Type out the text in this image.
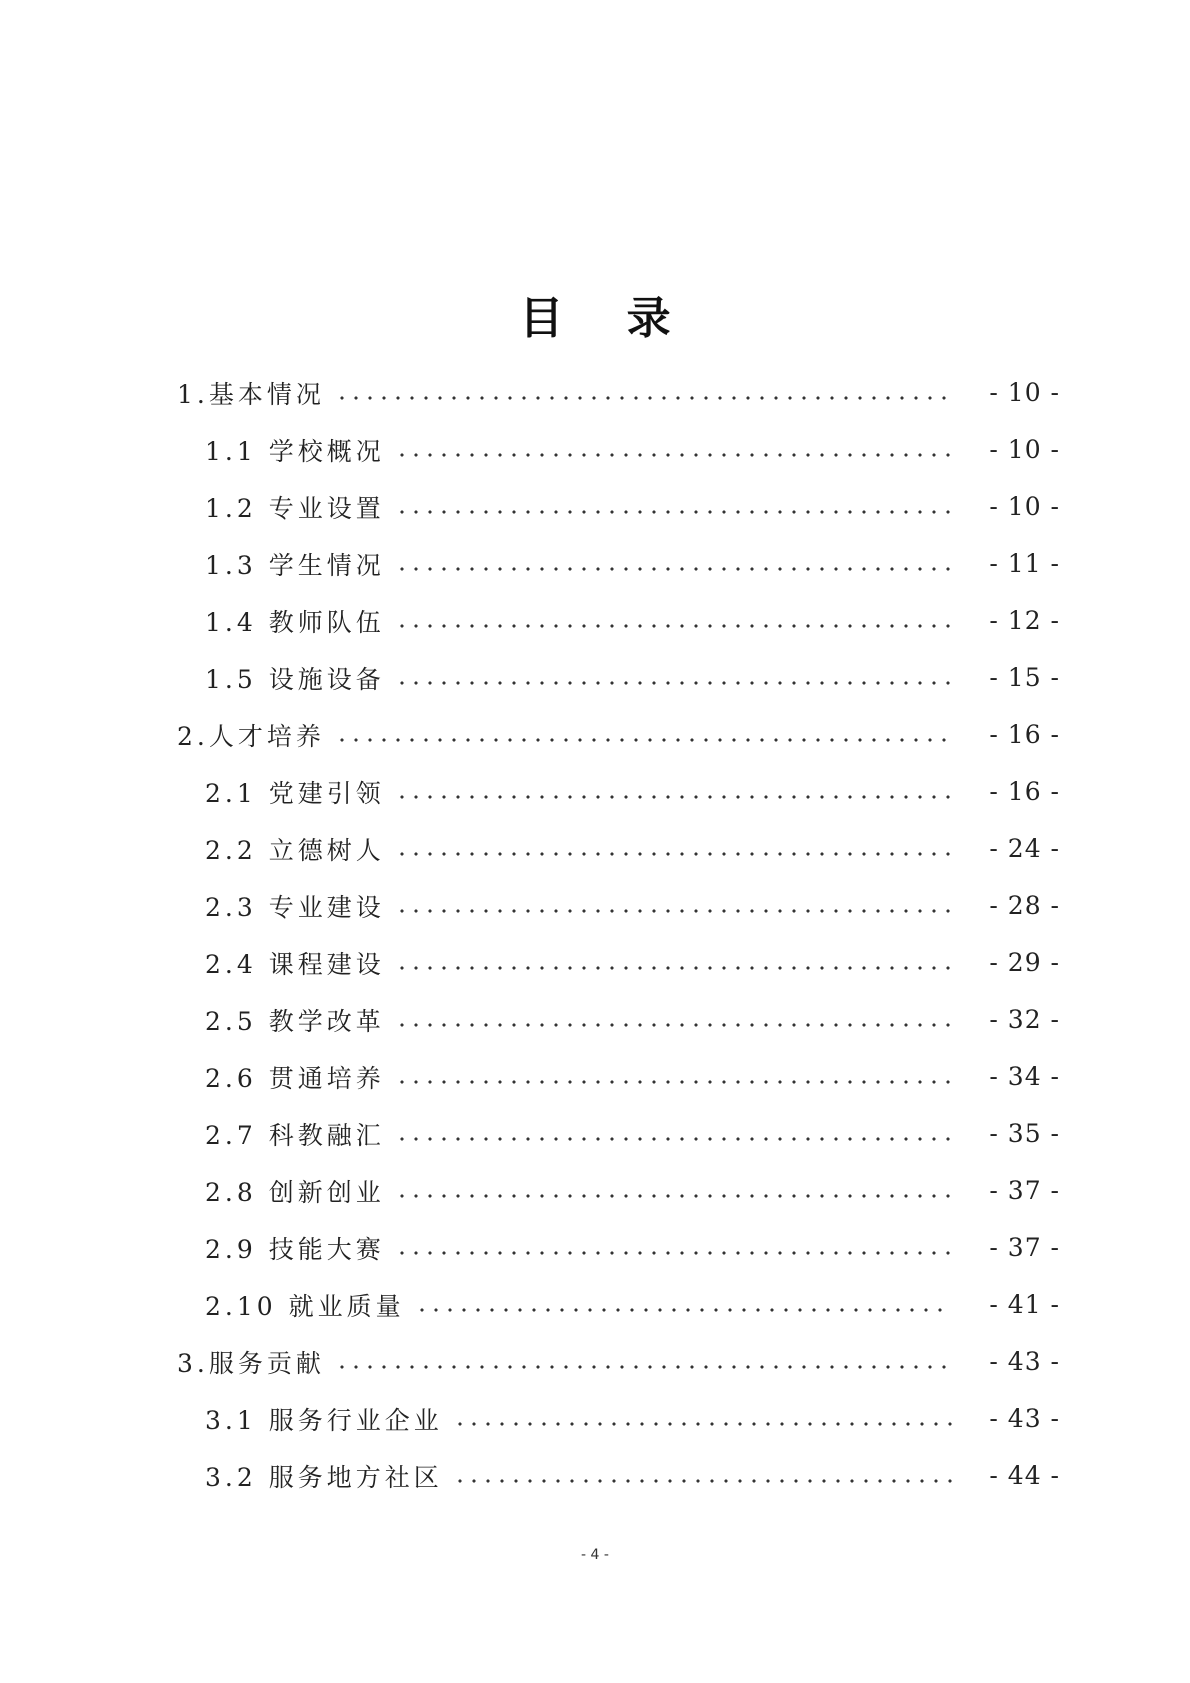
目 录
1.基本情况	- 10 -
1.1 学校概况	- 10 -
1.2 专业设置	- 10 -
1.3 学生情况	- 11 -
1.4 教师队伍	- 12 -
1.5 设施设备	- 15 -
2.人才培养	- 16 -
2.1 党建引领	- 16 -
2.2 立德树人	- 24 -
2.3 专业建设	- 28 -
2.4 课程建设	- 29 -
2.5 教学改革	- 32 -
2.6 贯通培养	- 34 -
2.7 科教融汇	- 35 -
2.8 创新创业	- 37 -
2.9 技能大赛	- 37 -
2.10 就业质量	- 41 -
3.服务贡献	- 43 -
3.1 服务行业企业	- 43 -
3.2 服务地方社区	- 44 -
- 4 -
